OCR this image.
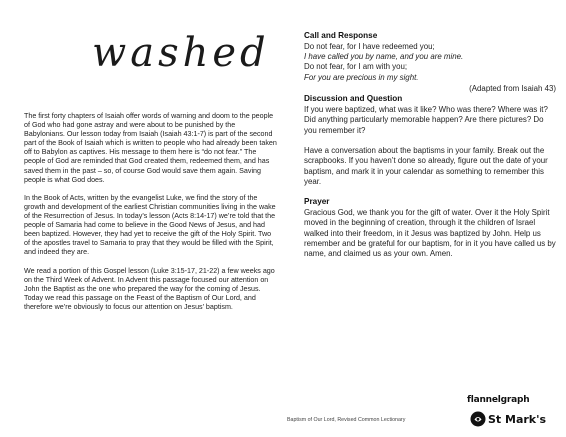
washed

The first forty chapters of Isaiah offer words of warning and doom to the people of God who had gone astray and were about to be punished by the Babylonians. Our lesson today from Isaiah (Isaiah 43:1-7) is part of the second part of the Book of Isaiah which is written to people who had already been taken off to Babylon as captives. His message to them here is “do not fear.” The people of God are reminded that God created them, redeemed them, and has saved them in the past – so, of course God would save them again. Saving people is what God does.

In the Book of Acts, written by the evangelist Luke, we find the story of the growth and development of the earliest Christian communities living in the wake of the Resurrection of Jesus. In today’s lesson (Acts 8:14-17) we’re told that the people of Samaria had come to believe in the Good News of Jesus, and had been baptized. However, they had yet to receive the gift of the Holy Spirit. Two of the apostles travel to Samaria to pray that they would be filled with the Spirit, and indeed they are.

We read a portion of this Gospel lesson (Luke 3:15-17, 21-22) a few weeks ago on the Third Week of Advent. In Advent this passage focused our attention on John the Baptist as the one who prepared the way for the coming of Jesus. Today we read this passage on the Feast of the Baptism of Our Lord, and therefore we’re obviously to focus our attention on Jesus’ baptism.

Call and Response
Do not fear, for I have redeemed you;
I have called you by name, and you are mine.
Do not fear, for I am with you;
For you are precious in my sight.
(Adapted from Isaiah 43)
Discussion and Question

If you were baptized, what was it like? Who was there? Where was it? Did anything particularly memorable happen? Are there pictures? Do you remember it?

Have a conversation about the baptisms in your family. Break out the scrapbooks. If you haven’t done so already, figure out the date of your baptism, and mark it in your calendar as something to remember this year.

Prayer

Gracious God, we thank you for the gift of water. Over it the Holy Spirit moved in the beginning of creation, through it the children of Israel walked into their freedom, in it Jesus was baptized by John. Help us remember and be grateful for our baptism, for in it you have called us by name, and claimed us as your own. Amen.

Baptism of Our Lord, Revised Common Lectionary
flannelgraph
St Mark's
